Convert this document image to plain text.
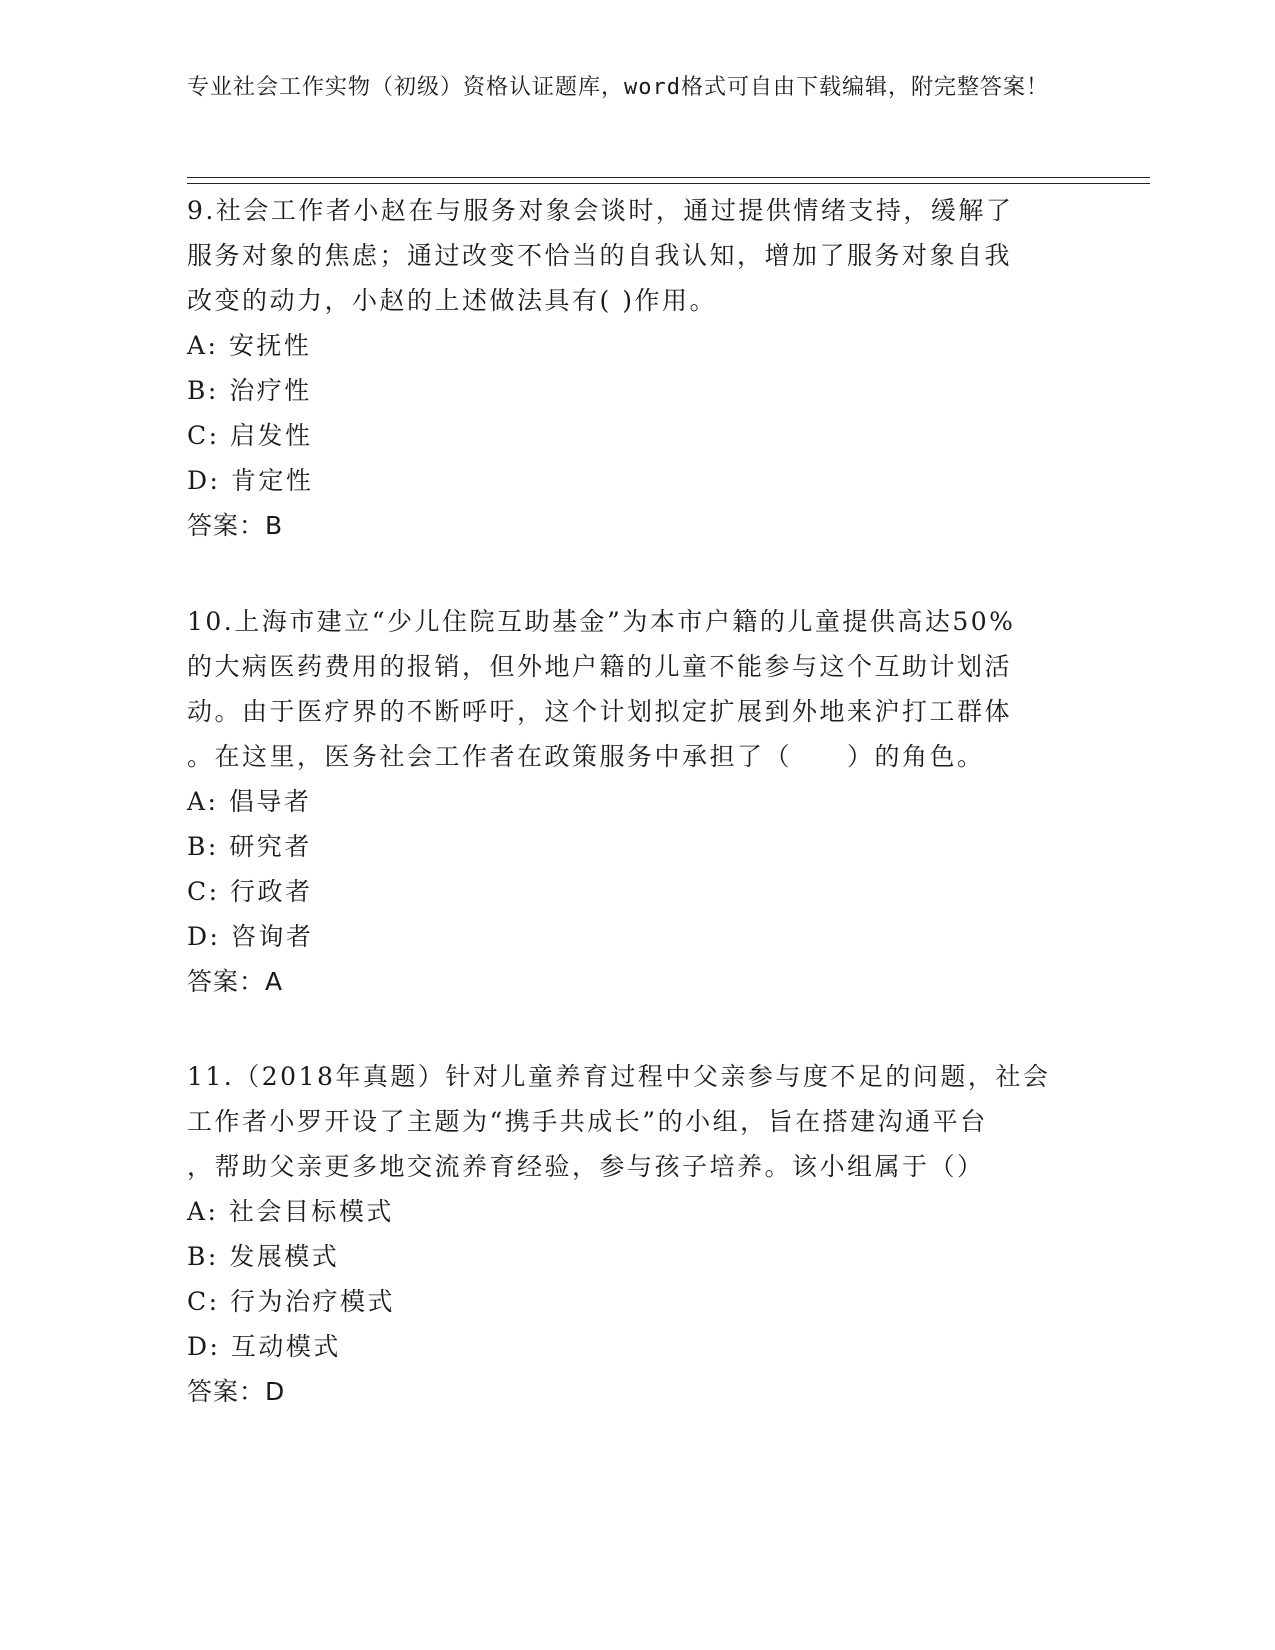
专业社会工作实物（初级）资格认证题库，word格式可自由下载编辑，附完整答案！

9.社会工作者小赵在与服务对象会谈时，通过提供情绪支持，缓解了

服务对象的焦虑；通过改变不恰当的自我认知，增加了服务对象自我

改变的动力，小赵的上述做法具有( )作用。

A: 安抚性

B: 治疗性

C: 启发性

D: 肯定性

答案：B

10.上海市建立“少儿住院互助基金”为本市户籍的儿童提供高达50%

的大病医药费用的报销，但外地户籍的儿童不能参与这个互助计划活

动。由于医疗界的不断呼吁，这个计划拟定扩展到外地来沪打工群体

。在这里，医务社会工作者在政策服务中承担了（　　）的角色。

A: 倡导者

B: 研究者

C: 行政者

D: 咨询者

答案：A

11.（2018年真题）针对儿童养育过程中父亲参与度不足的问题，社会

工作者小罗开设了主题为“携手共成长”的小组，旨在搭建沟通平台

，帮助父亲更多地交流养育经验，参与孩子培养。该小组属于（）

A: 社会目标模式

B: 发展模式

C: 行为治疗模式

D: 互动模式

答案：D
